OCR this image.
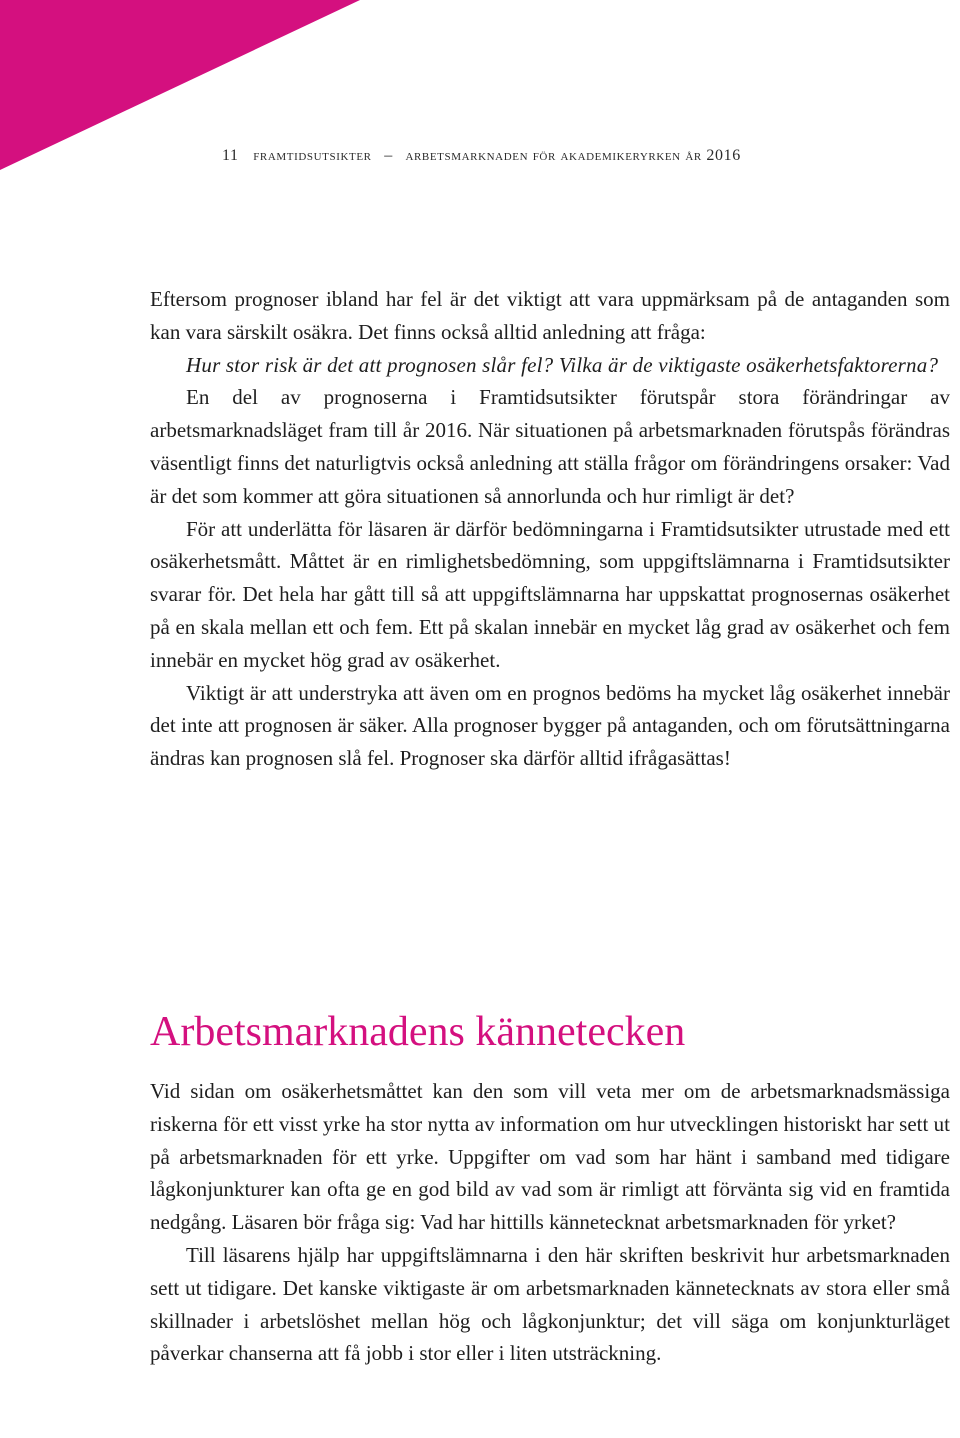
11 framtidsutsikter – arbetsmarknaden för akademikeryrken år 2016

Eftersom prognoser ibland har fel är det viktigt att vara uppmärksam på de antaganden som kan vara särskilt osäkra. Det finns också alltid anledning att fråga:

Hur stor risk är det att prognosen slår fel? Vilka är de viktigaste osäkerhetsfaktorerna?

En del av prognoserna i Framtidsutsikter förutspår stora förändringar av arbetsmarknadsläget fram till år 2016. När situationen på arbetsmarknaden förutspås förändras väsentligt finns det naturligtvis också anledning att ställa frågor om förändringens orsaker: Vad är det som kommer att göra situationen så annorlunda och hur rimligt är det?

För att underlätta för läsaren är därför bedömningarna i Framtidsutsikter utrustade med ett osäkerhetsmått. Måttet är en rimlighetsbedömning, som uppgiftslämnarna i Framtidsutsikter svarar för. Det hela har gått till så att uppgiftslämnarna har uppskattat prognosernas osäkerhet på en skala mellan ett och fem. Ett på skalan innebär en mycket låg grad av osäkerhet och fem innebär en mycket hög grad av osäkerhet.

Viktigt är att understryka att även om en prognos bedöms ha mycket låg osäkerhet innebär det inte att prognosen är säker. Alla prognoser bygger på antaganden, och om förutsättningarna ändras kan prognosen slå fel. Prognoser ska därför alltid ifrågasättas!

Arbetsmarknadens kännetecken

Vid sidan om osäkerhetsmåttet kan den som vill veta mer om de arbetsmarknadsmässiga riskerna för ett visst yrke ha stor nytta av information om hur utvecklingen historiskt har sett ut på arbetsmarknaden för ett yrke. Uppgifter om vad som har hänt i samband med tidigare lågkonjunkturer kan ofta ge en god bild av vad som är rimligt att förvänta sig vid en framtida nedgång. Läsaren bör fråga sig: Vad har hittills kännetecknat arbetsmarknaden för yrket?

Till läsarens hjälp har uppgiftslämnarna i den här skriften beskrivit hur arbetsmarknaden sett ut tidigare. Det kanske viktigaste är om arbetsmarknaden kännetecknats av stora eller små skillnader i arbetslöshet mellan hög och lågkonjunktur; det vill säga om konjunkturläget påverkar chanserna att få jobb i stor eller i liten utsträckning.
